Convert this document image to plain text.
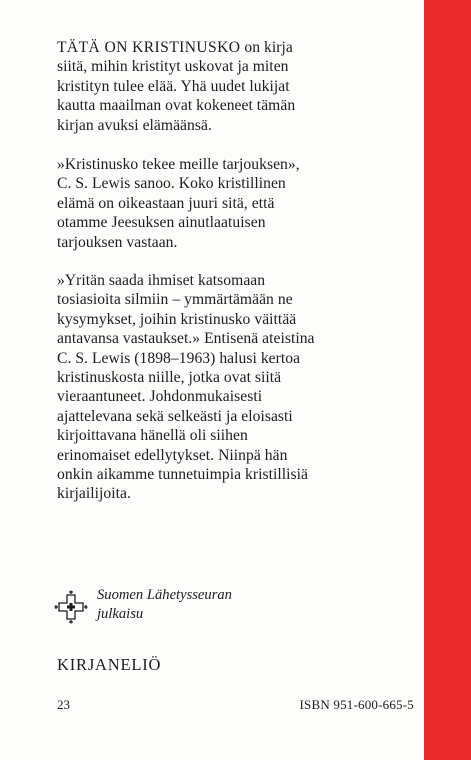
TÄTÄ ON KRISTINUSKO on kirja
siitä, mihin kristityt uskovat ja miten
kristityn tulee elää. Yhä uudet lukijat
kautta maailman ovat kokeneet tämän
kirjan avuksi elämäänsä.
»Kristinusko tekee meille tarjouksen»,
C. S. Lewis sanoo. Koko kristillinen
elämä on oikeastaan juuri sitä, että
otamme Jeesuksen ainutlaatuisen
tarjouksen vastaan.
»Yritän saada ihmiset katsomaan
tosiasioita silmiin – ymmärtämään ne
kysymykset, joihin kristinusko väittää
antavansa vastaukset.» Entisenä ateistina
C. S. Lewis (1898–1963) halusi kertoa
kristinuskosta niille, jotka ovat siitä
vieraantuneet. Johdonmukaisesti
ajattelevana sekä selkeästi ja eloisasti
kirjoittavana hänellä oli siihen
erinomaiset edellytykset. Niinpä hän
onkin aikamme tunnetuimpia kristillisiä
kirjailijoita.
Suomen Lähetysseuran
julkaisu
KIRJANELIÖ
23	ISBN 951-600-665-5
